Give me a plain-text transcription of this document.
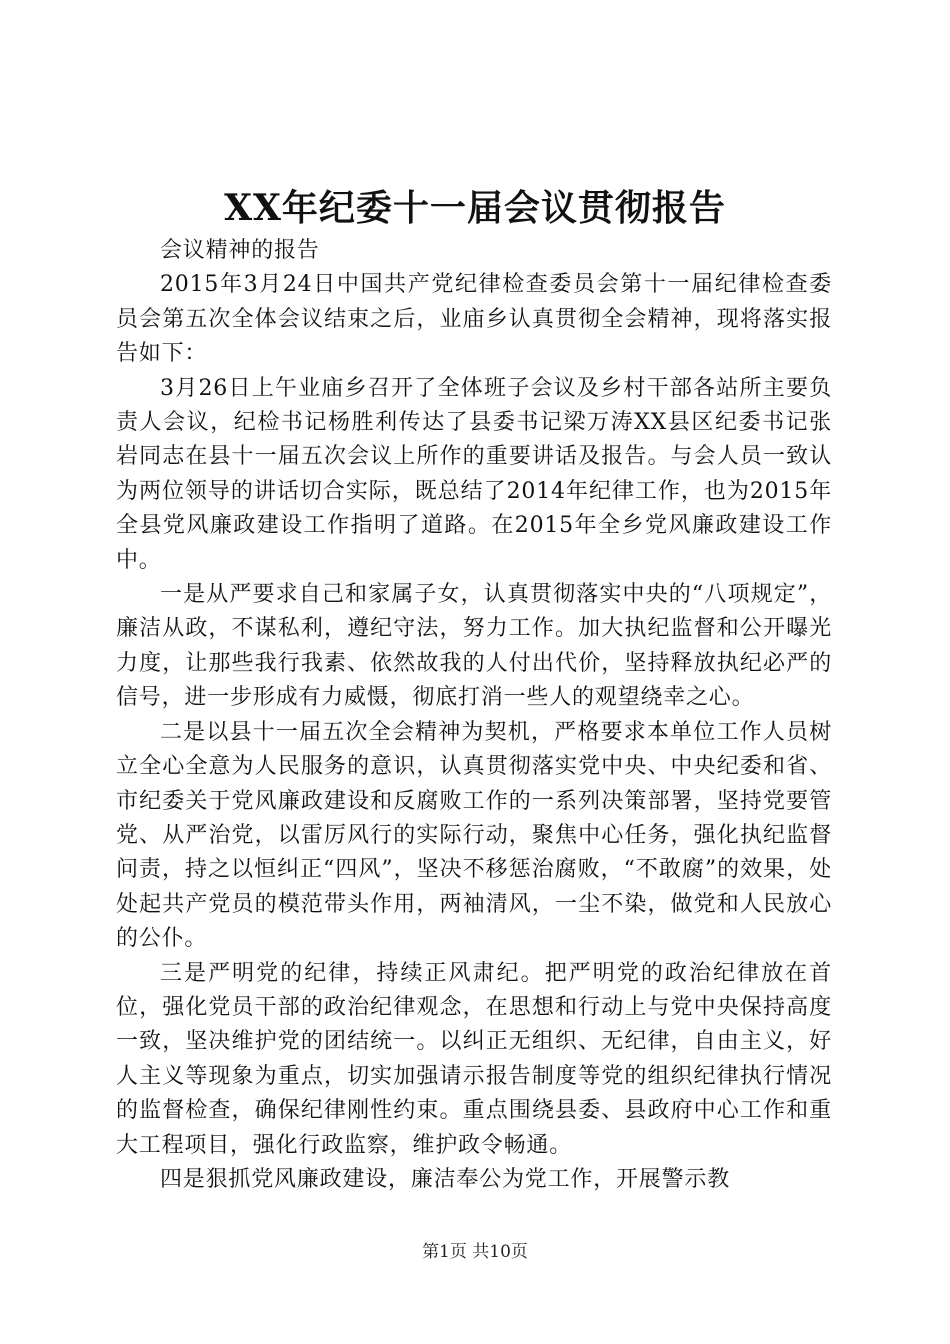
XX年纪委十一届会议贯彻报告

会议精神的报告

2015年3月24日中国共产党纪律检查委员会第十一届纪律检查委员会第五次全体会议结束之后，业庙乡认真贯彻全会精神，现将落实报告如下：

3月26日上午业庙乡召开了全体班子会议及乡村干部各站所主要负责人会议，纪检书记杨胜利传达了县委书记梁万涛XX县区纪委书记张岩同志在县十一届五次会议上所作的重要讲话及报告。与会人员一致认为两位领导的讲话切合实际，既总结了2014年纪律工作，也为2015年全县党风廉政建设工作指明了道路。在2015年全乡党风廉政建设工作中。

一是从严要求自己和家属子女，认真贯彻落实中央的“八项规定”，廉洁从政，不谋私利，遵纪守法，努力工作。加大执纪监督和公开曝光力度，让那些我行我素、依然故我的人付出代价，坚持释放执纪必严的信号，进一步形成有力威慑，彻底打消一些人的观望绕幸之心。

二是以县十一届五次全会精神为契机，严格要求本单位工作人员树立全心全意为人民服务的意识，认真贯彻落实党中央、中央纪委和省、市纪委关于党风廉政建设和反腐败工作的一系列决策部署，坚持党要管党、从严治党，以雷厉风行的实际行动，聚焦中心任务，强化执纪监督问责，持之以恒纠正“四风”，坚决不移惩治腐败，“不敢腐”的效果，处处起共产党员的模范带头作用，两袖清风，一尘不染，做党和人民放心的公仆。

三是严明党的纪律，持续正风肃纪。把严明党的政治纪律放在首位，强化党员干部的政治纪律观念，在思想和行动上与党中央保持高度一致，坚决维护党的团结统一。以纠正无组织、无纪律，自由主义，好人主义等现象为重点，切实加强请示报告制度等党的组织纪律执行情况的监督检查，确保纪律刚性约束。重点围绕县委、县政府中心工作和重大工程项目，强化行政监察，维护政令畅通。

四是狠抓党风廉政建设，廉洁奉公为党工作，开展警示教

第1页 共10页
